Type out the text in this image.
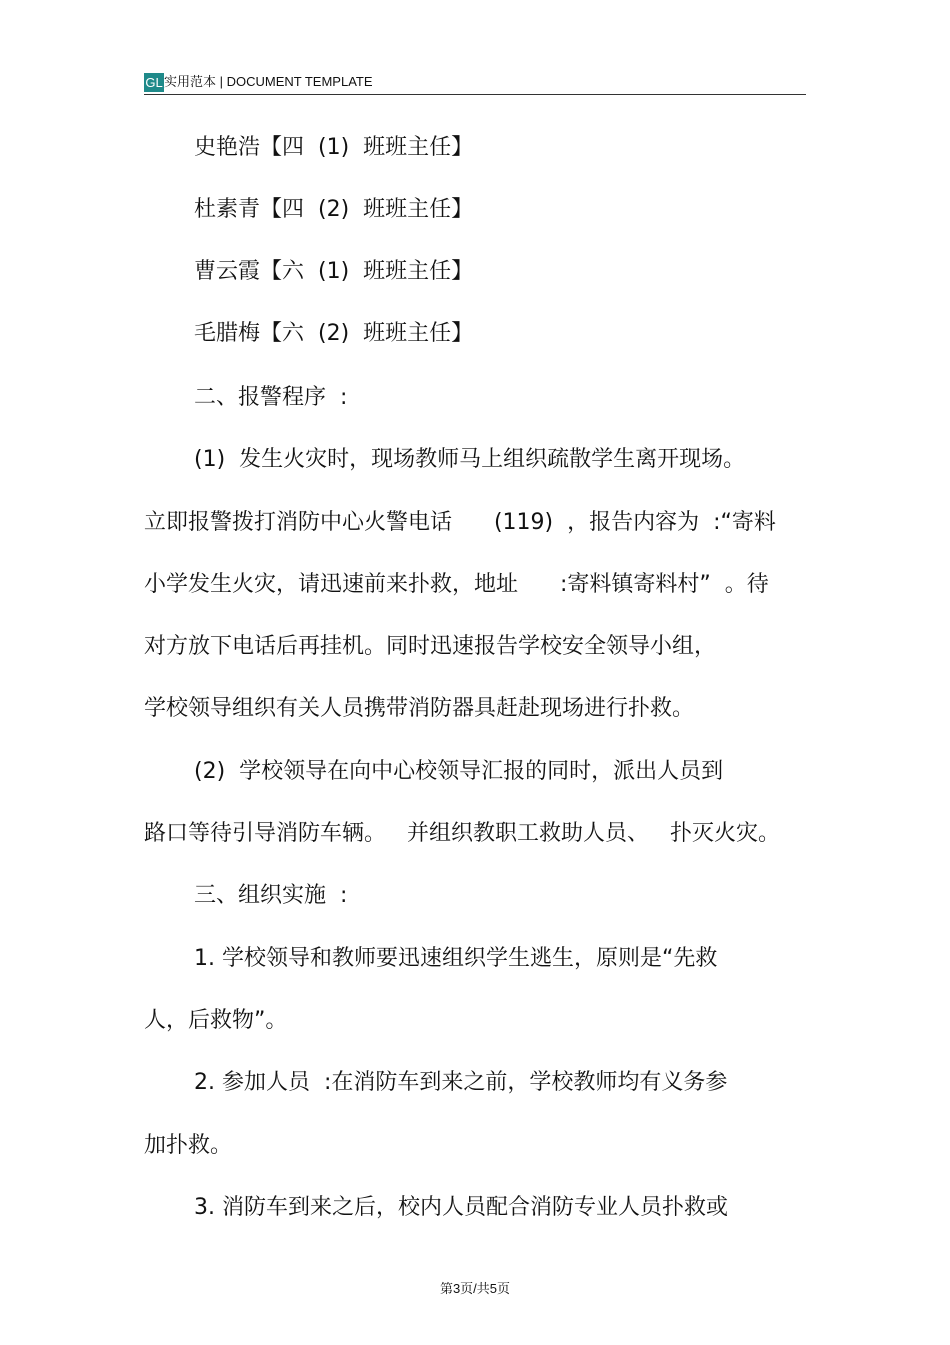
GL 实用范本 | DOCUMENT TEMPLATE
史艳浩【四  (1)  班班主任】
杜素青【四  (2)  班班主任】
曹云霞【六  (1)  班班主任】
毛腊梅【六  (2)  班班主任】
二、报警程序  :
(1)  发生火灾时，现场教师马上组织疏散学生离开现场。
立即报警拨打消防中心火警电话      (119)  ，报告内容为  :“寄料
小学发生火灾，请迅速前来扑救，地址      :寄料镇寄料村”  。待
对方放下电话后再挂机。同时迅速报告学校安全领导小组，
学校领导组织有关人员携带消防器具赶赴现场进行扑救。
(2)  学校领导在向中心校领导汇报的同时，派出人员到
路口等待引导消防车辆。   并组织教职工救助人员、   扑灭火灾。
三、组织实施  :
1. 学校领导和教师要迅速组织学生逃生，原则是“先救
人，后救物”。
2. 参加人员  :在消防车到来之前，学校教师均有义务参
加扑救。
3. 消防车到来之后，校内人员配合消防专业人员扑救或
第3页/共5页
